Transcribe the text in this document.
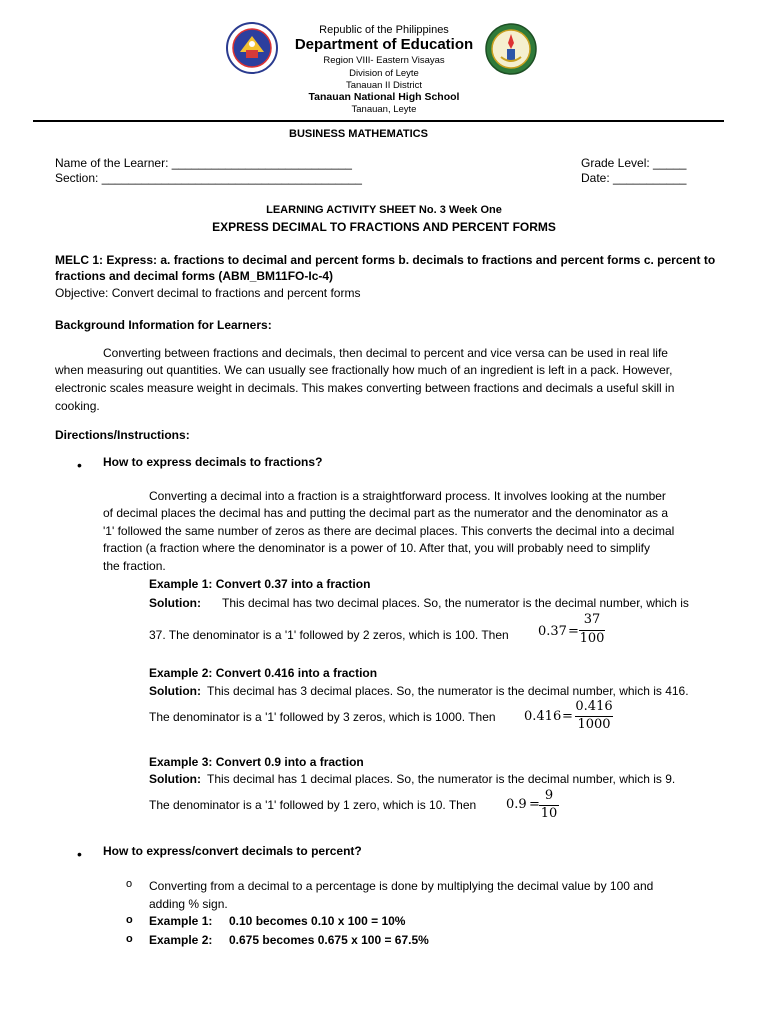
Republic of the Philippines
Department of Education
Region VIII- Eastern Visayas
Division of Leyte
Tanauan II District
Tanauan National High School
Tanauan, Leyte
BUSINESS MATHEMATICS
Name of the Learner: ___________________________
Section: _______________________________________
Grade Level: _____
Date: ___________
LEARNING ACTIVITY SHEET No. 3 Week One
EXPRESS DECIMAL TO FRACTIONS AND PERCENT FORMS
MELC 1: Express: a. fractions to decimal and percent forms b. decimals to fractions and percent forms c. percent to
fractions and decimal forms (ABM_BM11FO-Ic-4)
Objective: Convert decimal to fractions and percent forms
Background Information for Learners:
Converting between fractions and decimals, then decimal to percent and vice versa can be used in real life
when measuring out quantities. We can usually see fractionally how much of an ingredient is left in a pack. However,
electronic scales measure weight in decimals. This makes converting between fractions and decimals a useful skill in
cooking.
Directions/Instructions:
• How to express decimals to fractions?
Converting a decimal into a fraction is a straightforward process. It involves looking at the number
of decimal places the decimal has and putting the decimal part as the numerator and the denominator as a
'1' followed the same number of zeros as there are decimal places. This converts the decimal into a decimal
fraction (a fraction where the denominator is a power of 10. After that, you will probably need to simplify
the fraction.
Example 1: Convert 0.37 into a fraction
Solution: This decimal has two decimal places. So, the numerator is the decimal number, which is
37. The denominator is a '1' followed by 2 zeros, which is 100. Then 0.37 =
37
100
Example 2: Convert 0.416 into a fraction
Solution: This decimal has 3 decimal places. So, the numerator is the decimal number, which is 416.
The denominator is a '1' followed by 3 zeros, which is 1000. Then 0.416 =
0.416
1000
Example 3: Convert 0.9 into a fraction
Solution: This decimal has 1 decimal places. So, the numerator is the decimal number, which is 9.
The denominator is a '1' followed by 1 zero, which is 10. Then 0.9 =
9
10
• How to express/convert decimals to percent?
o Converting from a decimal to a percentage is done by multiplying the decimal value by 100 and
adding % sign.
o Example 1: 0.10 becomes 0.10 x 100 = 10%
o Example 2: 0.675 becomes 0.675 x 100 = 67.5%
